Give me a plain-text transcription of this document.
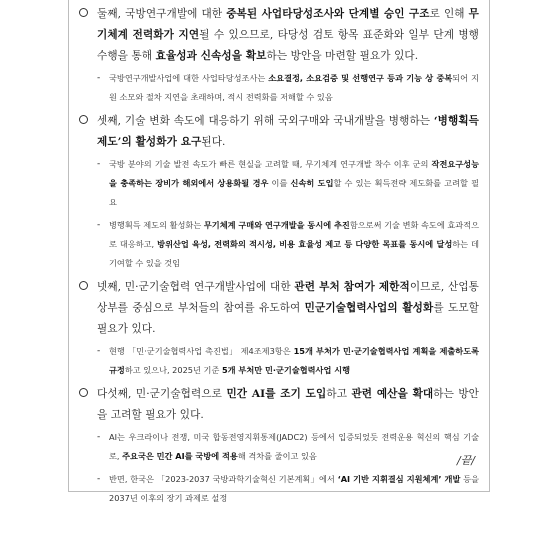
둘째, 국방연구개발에 대한 중복된 사업타당성조사와 단계별 승인 구조로 인해 무기체계 전력화가 지연될 수 있으므로, 타당성 검토 항목 표준화와 일부 단계 병행 수행을 통해 효율성과 신속성을 확보하는 방안을 마련할 필요가 있다.
- 국방연구개발사업에 대한 사업타당성조사는 소요결정, 소요검증 및 선행연구 등과 기능 상 중복되어 지원 소모와 절차 지연을 초래하며, 적시 전력화를 저해할 수 있음
셋째, 기술 변화 속도에 대응하기 위해 국외구매와 국내개발을 병행하는 ‘병행획득 제도’의 활성화가 요구된다.
- 국방 분야의 기술 발전 속도가 빠른 현실을 고려할 때, 무기체계 연구개발 착수 이후 군의 작전요구성능을 충족하는 장비가 해외에서 상용화될 경우 이를 신속히 도입할 수 있는 획득전략 제도화를 고려할 필요
- 병행획득 제도의 활성화는 무기체계 구매와 연구개발을 동시에 추진함으로써 기술 변화 속도에 효과적으로 대응하고, 방위산업 육성, 전력화의 적시성, 비용 효율성 제고 등 다양한 목표를 동시에 달성하는 데 기여할 수 있을 것임
넷째, 민·군기술협력 연구개발사업에 대한 관련 부처 참여가 제한적이므로, 산업통상부를 중심으로 부처들의 참여를 유도하여 민군기술협력사업의 활성화를 도모할 필요가 있다.
- 현행 「민·군기술협력사업 촉진법」 제4조제3항은 15개 부처가 민·군기술협력사업 계획을 제출하도록 규정하고 있으나, 2025년 기준 5개 부처만 민·군기술협력사업 시행
다섯째, 민·군기술협력으로 민간 AI를 조기 도입하고 관련 예산을 확대하는 방안을 고려할 필요가 있다.
- AI는 우크라이나 전쟁, 미국 합동전영지휘통제(JADC2) 등에서 입증되었듯 전력운용 혁신의 핵심 기술로, 주요국은 민간 AI를 국방에 적용해 격차를 줄이고 있음
- 반면, 한국은 「2023-2037 국방과학기술혁신 기본계획」에서 ‘AI 기반 지휘결심 지원체계’ 개발 등을 2037년 이후의 장기 과제로 설정
/끝/
